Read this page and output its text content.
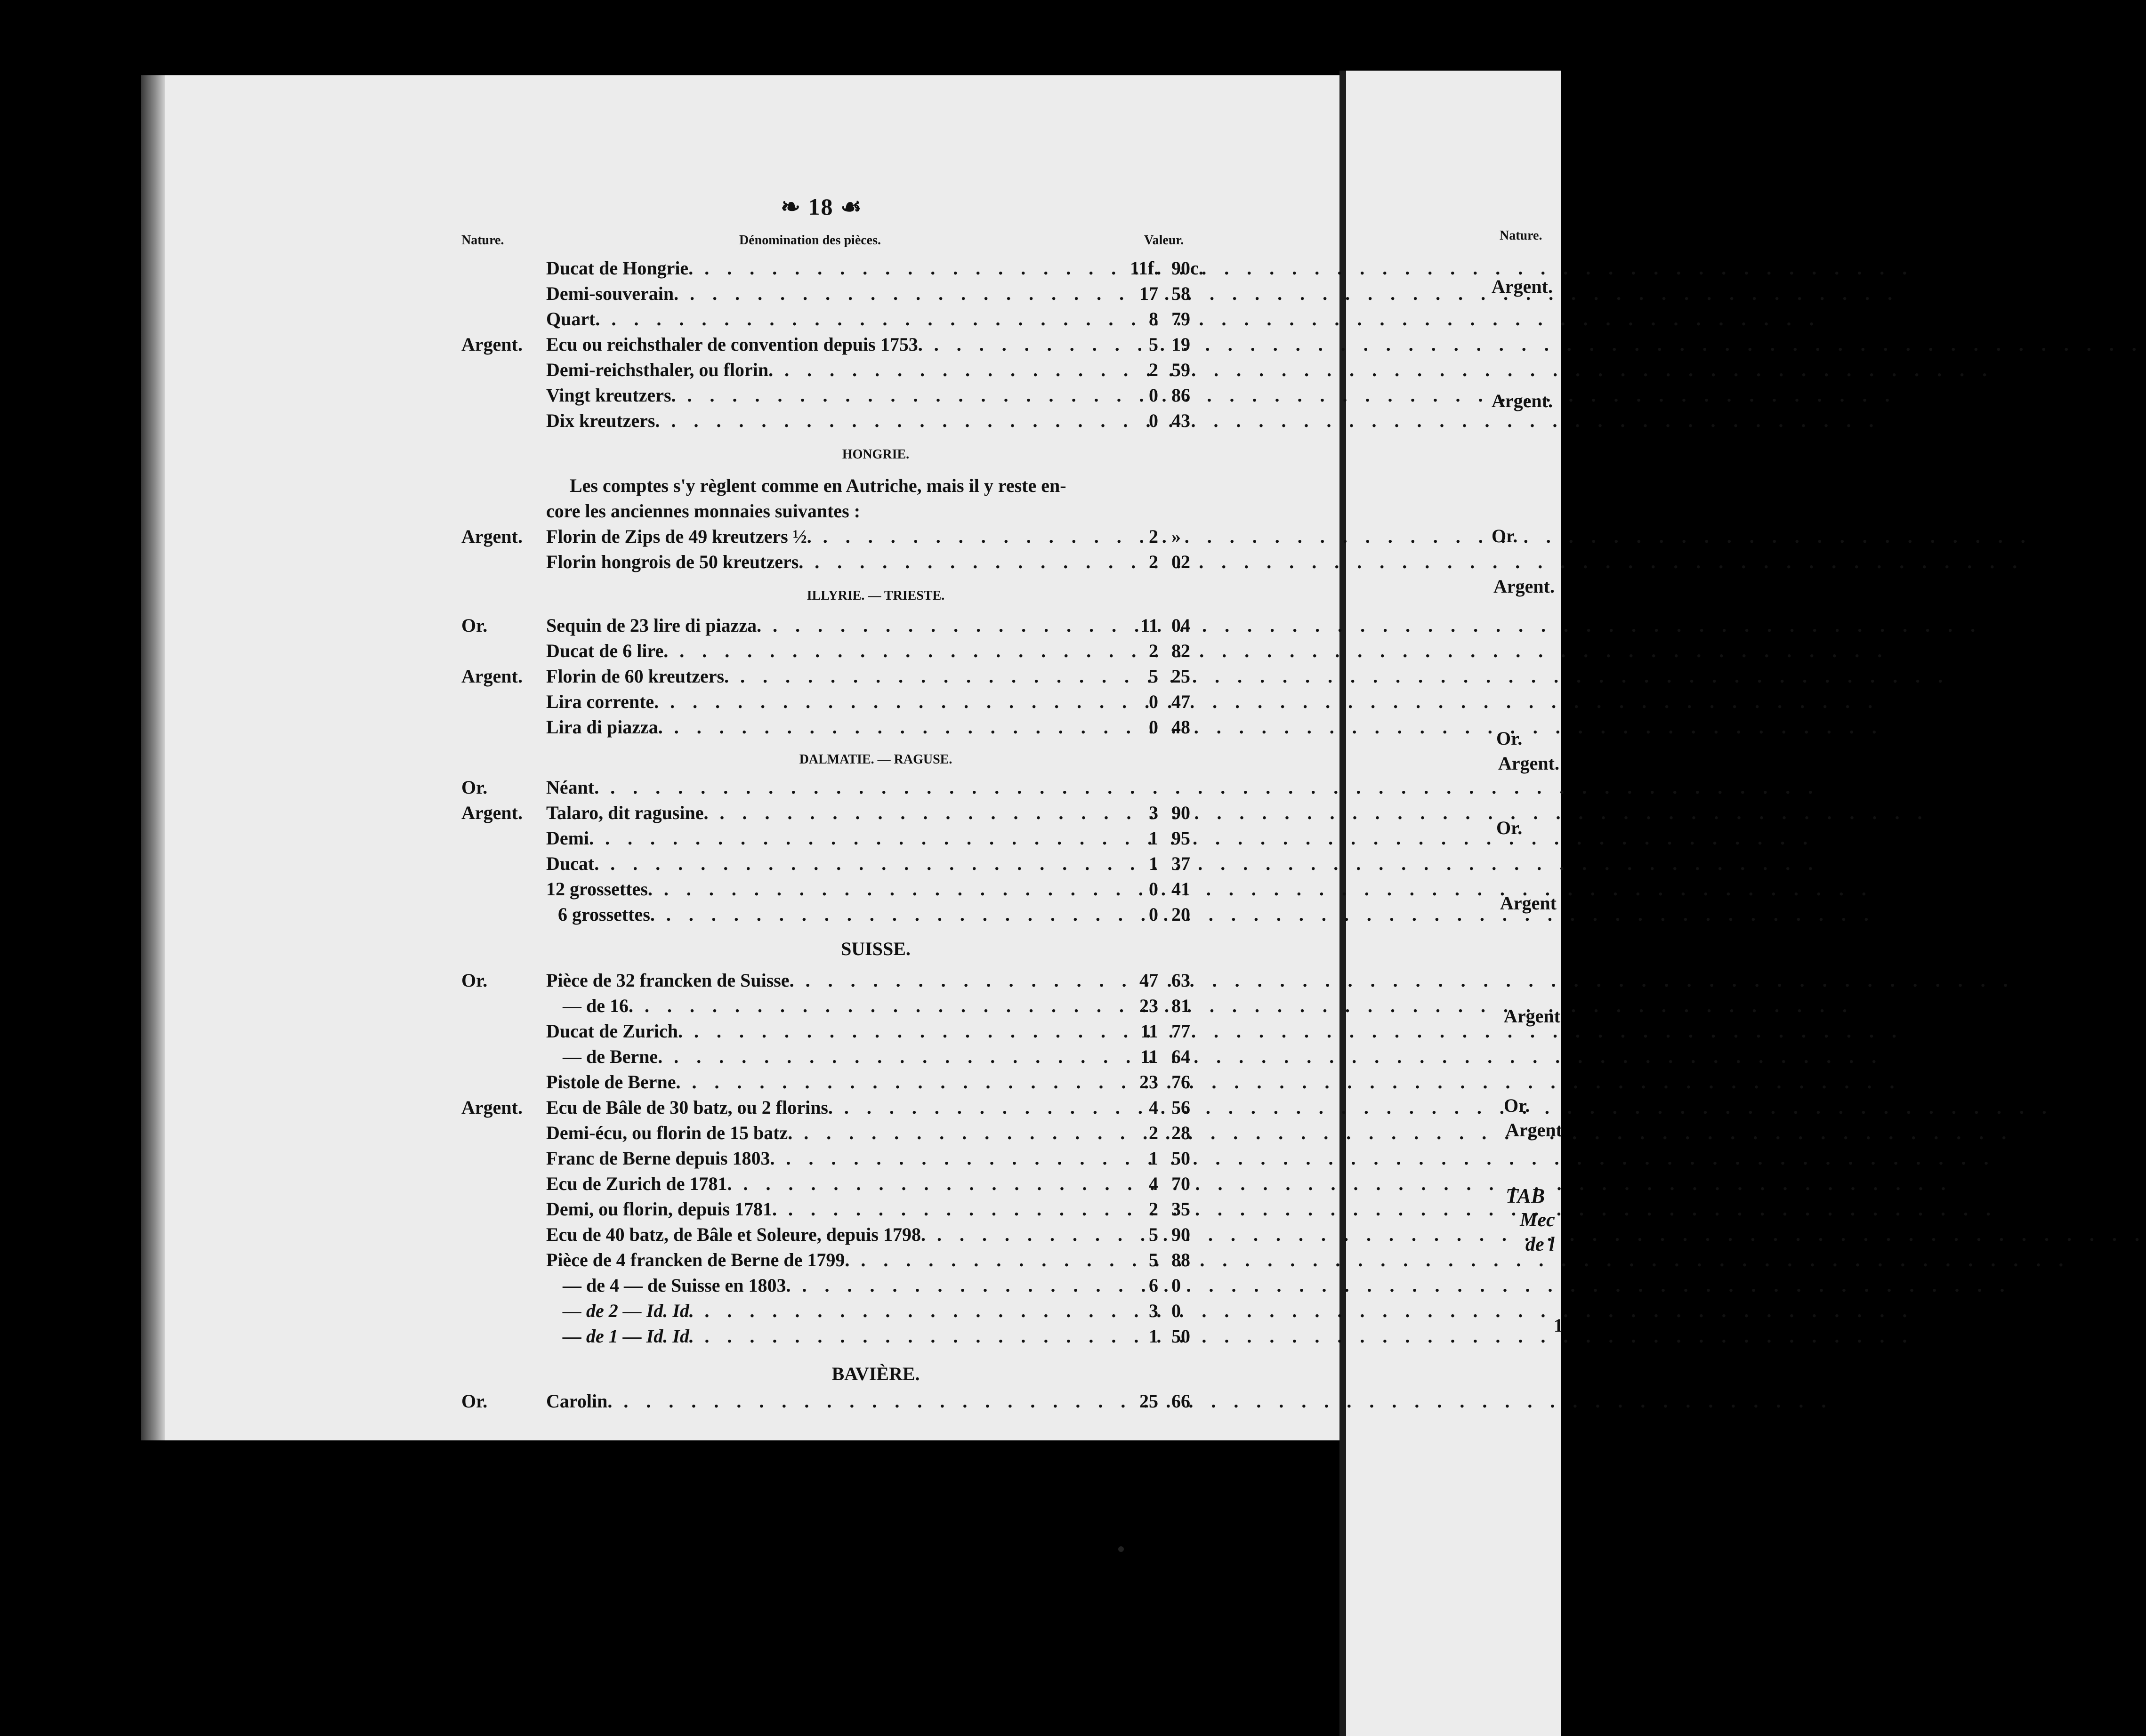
❧ 18 ☙
Nature.	Dénomination des pièces.	Valeur.
Ducat de Hongrie. . . .	11f. 90c.
Demi-souverain. . . .	17 58
Quart. . . .	8 79
Argent. Ecu ou reichsthaler de convention depuis 1753. . . .	5 19
Demi-reichsthaler, ou florin. . . .	2 59
Vingt kreutzers. . . .	0 86
Dix kreutzers. . . .	0 43
HONGRIE.
Les comptes s'y règlent comme en Autriche, mais il y reste en-
core les anciennes monnaies suivantes :
Argent. Florin de Zips de 49 kreutzers ½. . . .	2 »
Florin hongrois de 50 kreutzers. . . .	2 02
ILLYRIE. — TRIESTE.
Or.	Sequin de 23 lire di piazza. . . .	11 04
Ducat de 6 lire. . . .	2 82
Argent. Florin de 60 kreutzers. . . .	5 25
Lira corrente. . . .	0 47
Lira di piazza. . . .	0 48
DALMATIE. — RAGUSE.
Or.	Néant. . . .
Argent. Talaro, dit ragusine. . . .	3 90
Demi. . . .	1 95
Ducat. . . .	1 37
12 grossettes. . . .	0 41
6 grossettes. . . .	0 20
SUISSE.
Or.	Pièce de 32 francken de Suisse. . . .	47 63
— de 16. . . .	23 81
Ducat de Zurich. . . .	11 77
— de Berne. . . .	11 64
Pistole de Berne. . . .	23 76
Argent. Ecu de Bâle de 30 batz, ou 2 florins. . . .	4 56
Demi-écu, ou florin de 15 batz. . . .	2 28
Franc de Berne depuis 1803. . . .	1 50
Ecu de Zurich de 1781. . . .	4 70
Demi, ou florin, depuis 1781. . . .	2 35
Ecu de 40 batz, de Bâle et Soleure, depuis 1798. . . .	5 90
Pièce de 4 francken de Berne de 1799. . . .	5 88
— de 4 — de Suisse en 1803. . . .	6 0
— de 2 — Id. Id. . . .	3 0
— de 1 — Id. Id. . . .	1 50
BAVIÈRE.
Or.	Carolin. . . .	25 66
Nature.
Argent.
Argent.
Or.
Argent.
Or.
Argent.
Or.
Argent
Argent
Or.
Argent
TAB
Mec
de l
1
